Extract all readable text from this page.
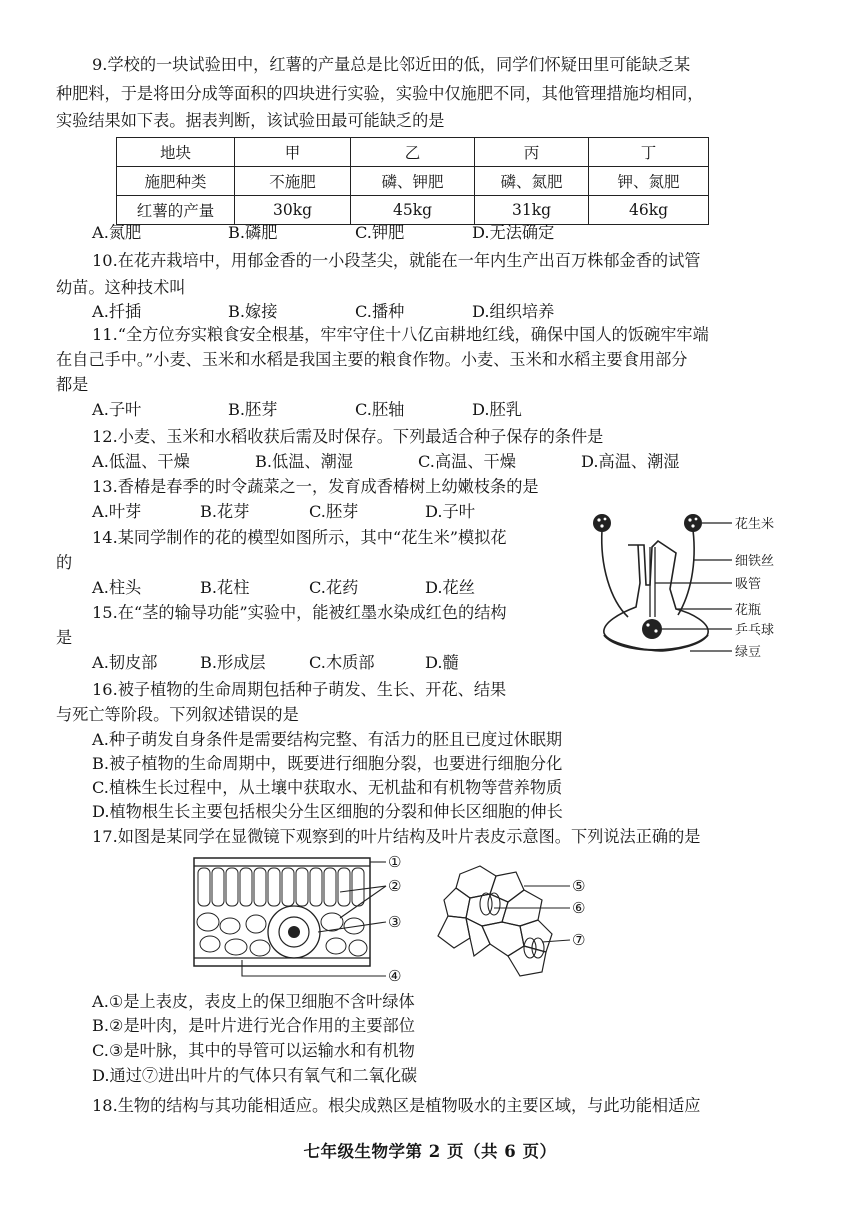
9.学校的一块试验田中，红薯的产量总是比邻近田的低，同学们怀疑田里可能缺乏某
种肥料，于是将田分成等面积的四块进行实验，实验中仅施肥不同，其他管理措施均相同，
实验结果如下表。据表判断，该试验田最可能缺乏的是
地块	甲	乙	丙	丁
施肥种类	不施肥	磷、钾肥	磷、氮肥	钾、氮肥
红薯的产量	30kg	45kg	31kg	46kg
A.氮肥	B.磷肥	C.钾肥	D.无法确定
10.在花卉栽培中，用郁金香的一小段茎尖，就能在一年内生产出百万株郁金香的试管
幼苗。这种技术叫
A.扦插	B.嫁接	C.播种	D.组织培养
11.“全方位夯实粮食安全根基，牢牢守住十八亿亩耕地红线，确保中国人的饭碗牢牢端
在自己手中。”小麦、玉米和水稻是我国主要的粮食作物。小麦、玉米和水稻主要食用部分
都是
A.子叶	B.胚芽	C.胚轴	D.胚乳
12.小麦、玉米和水稻收获后需及时保存。下列最适合种子保存的条件是
A.低温、干燥	B.低温、潮湿	C.高温、干燥	D.高温、潮湿
13.香椿是春季的时令蔬菜之一，发育成香椿树上幼嫩枝条的是
A.叶芽	B.花芽	C.胚芽	D.子叶
14.某同学制作的花的模型如图所示，其中“花生米”模拟花
的
A.柱头	B.花柱	C.花药	D.花丝
花生米
细铁丝
吸管
花瓶
乒乓球
绿豆
15.在“茎的输导功能”实验中，能被红墨水染成红色的结构
是
A.韧皮部	B.形成层	C.木质部	D.髓
16.被子植物的生命周期包括种子萌发、生长、开花、结果
与死亡等阶段。下列叙述错误的是
A.种子萌发自身条件是需要结构完整、有活力的胚且已度过休眠期
B.被子植物的生命周期中，既要进行细胞分裂，也要进行细胞分化
C.植株生长过程中，从土壤中获取水、无机盐和有机物等营养物质
D.植物根生长主要包括根尖分生区细胞的分裂和伸长区细胞的伸长
17.如图是某同学在显微镜下观察到的叶片结构及叶片表皮示意图。下列说法正确的是
①
②
③
④
⑤
⑥
⑦
A.①是上表皮，表皮上的保卫细胞不含叶绿体
B.②是叶肉，是叶片进行光合作用的主要部位
C.③是叶脉，其中的导管可以运输水和有机物
D.通过⑦进出叶片的气体只有氧气和二氧化碳
18.生物的结构与其功能相适应。根尖成熟区是植物吸水的主要区域，与此功能相适应
七年级生物学第 2 页（共 6 页）
